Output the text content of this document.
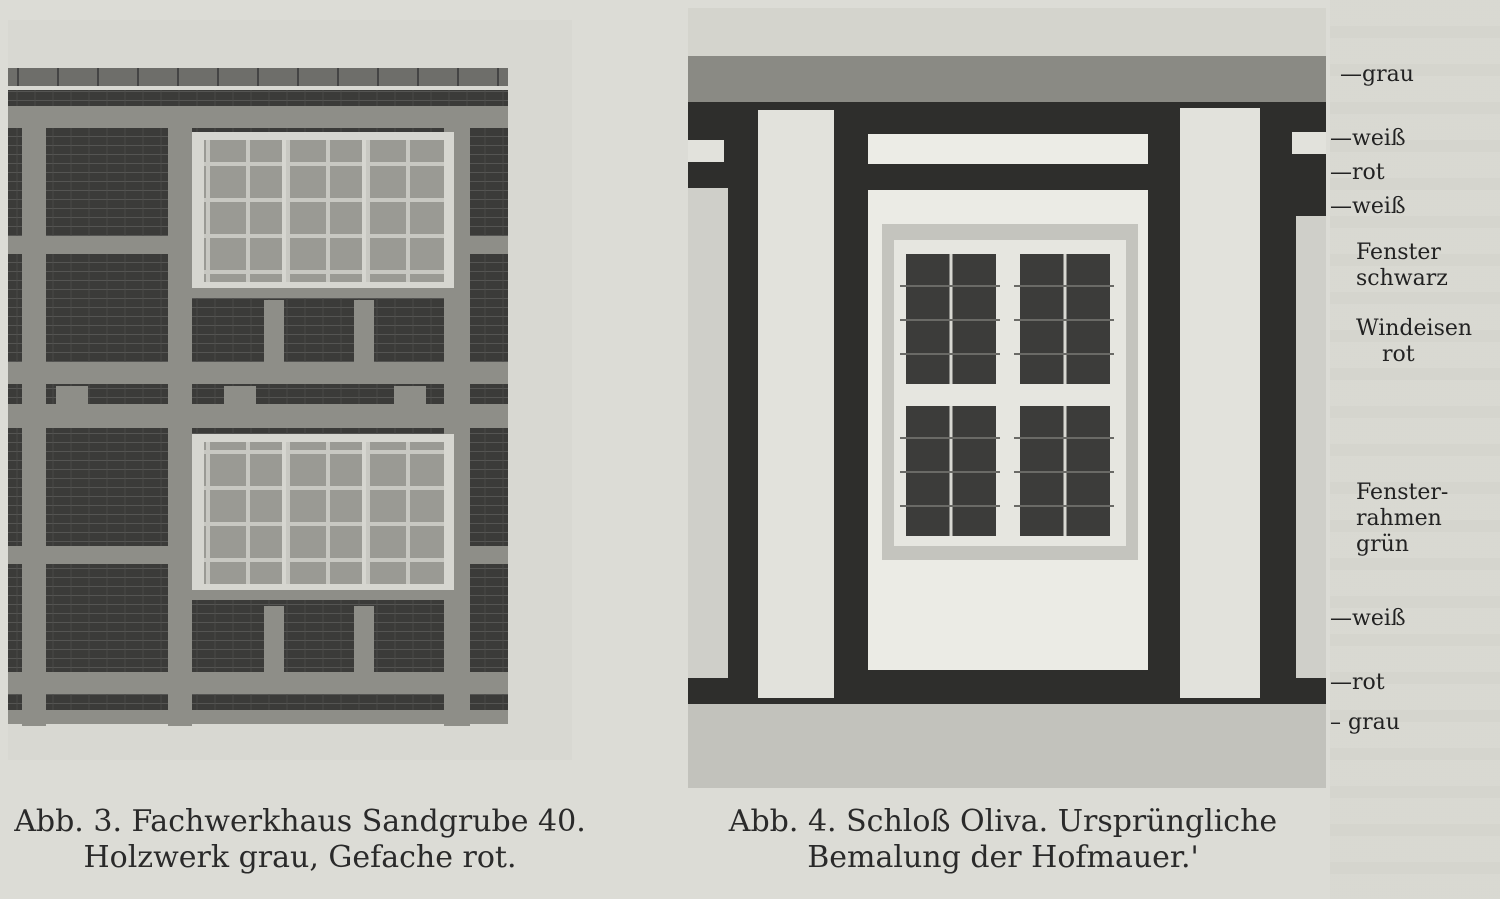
—grau
—weiß
—rot
—weiß
Fenster
schwarz
Windeisen
rot
Fenster-
rahmen
grün
—weiß
—rot
– grau
Abb. 3. Fachwerkhaus Sandgrube 40.
Holzwerk grau, Gefache rot.
Abb. 4. Schloß Oliva. Ursprüngliche
Bemalung der Hofmauer.'
